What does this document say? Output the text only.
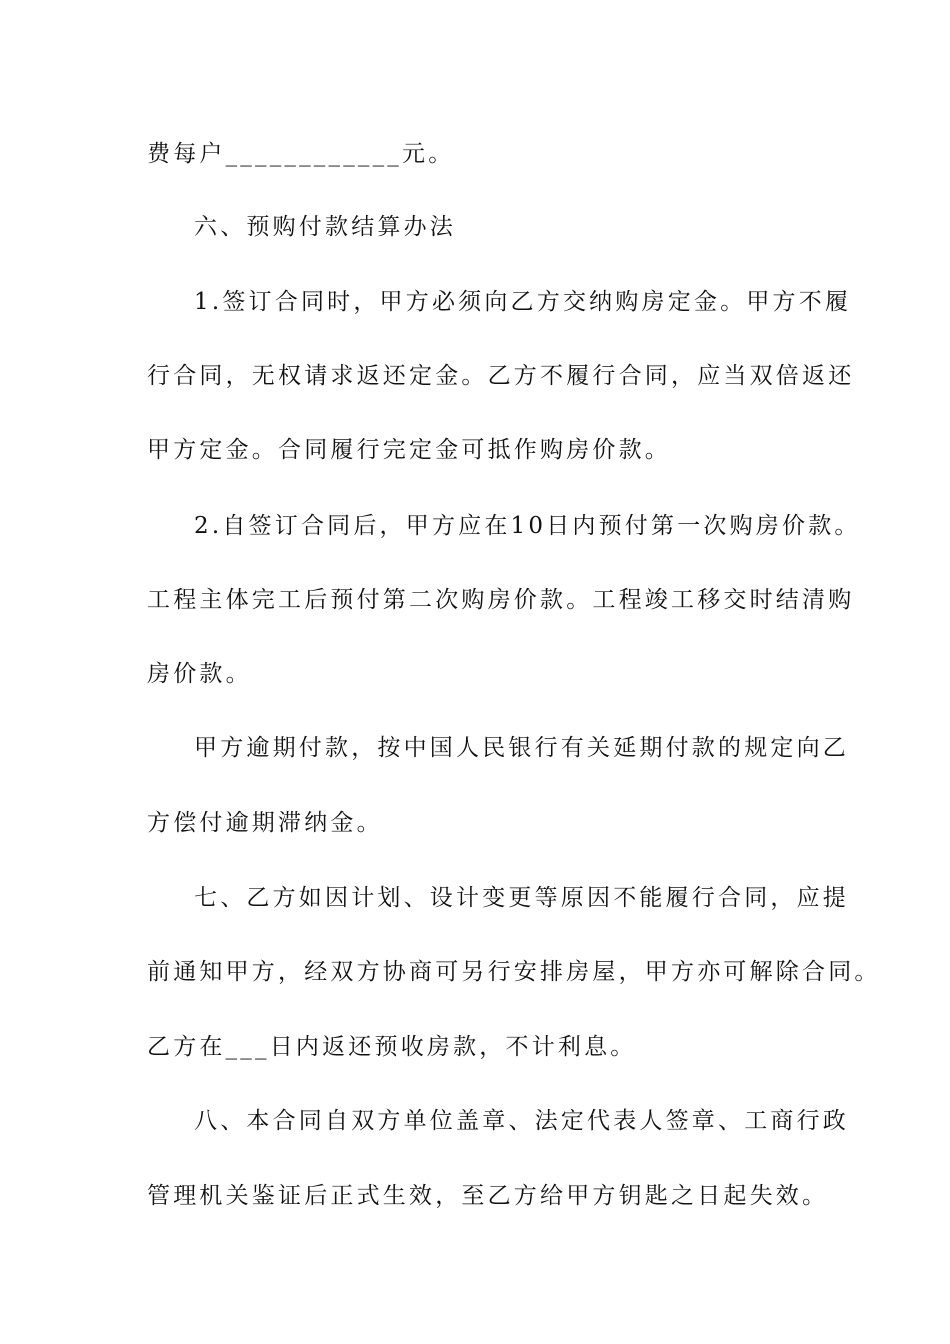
费每户____________元。
六、预购付款结算办法
1.签订合同时，甲方必须向乙方交纳购房定金。甲方不履
行合同，无权请求返还定金。乙方不履行合同，应当双倍返还
甲方定金。合同履行完定金可抵作购房价款。
2.自签订合同后，甲方应在10日内预付第一次购房价款。
工程主体完工后预付第二次购房价款。工程竣工移交时结清购
房价款。
甲方逾期付款，按中国人民银行有关延期付款的规定向乙
方偿付逾期滞纳金。
七、乙方如因计划、设计变更等原因不能履行合同，应提
前通知甲方，经双方协商可另行安排房屋，甲方亦可解除合同。
乙方在___日内返还预收房款，不计利息。
八、本合同自双方单位盖章、法定代表人签章、工商行政
管理机关鉴证后正式生效，至乙方给甲方钥匙之日起失效。
